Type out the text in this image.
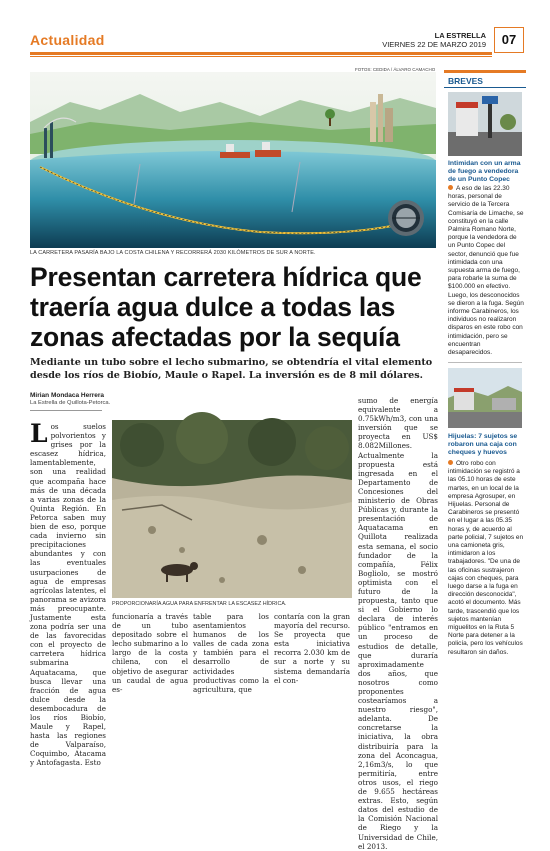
Actualidad	LA ESTRELLA
VIERNES 22 DE MARZO 2019	07
FOTOS: CEDIDA / ÁLVARO CAMACHO
LA CARRETERA PASARÍA BAJO LA COSTA CHILENA Y RECORRERÁ 2030 KILÓMETROS DE SUR A NORTE.
Presentan carretera hídrica que traería agua dulce a todas las zonas afectadas por la sequía

Mediante un tubo sobre el lecho submarino, se obtendría el vital elemento desde los ríos de Biobío, Maule o Rapel. La inversión es de 8 mil dólares.

Mirian Mondaca Herrera
La Estrella de Quillota-Petorca.
Los suelos polvorientos y grises por la escasez hídrica, lamentablemente, son una realidad que acompaña hace más de una década a varias zonas de la Quinta Región. En Petorca saben muy bien de eso, porque cada invierno sin precipitaciones abundantes y con las eventuales usurpaciones de agua de empresas agrícolas latentes, el panorama se avizora más preocupante. Justamente esta zona podría ser una de las favorecidas con el proyecto de carretera hídrica submarina Aquatacama, que busca llevar una fracción de agua dulce desde la desembocadura de los ríos Biobío, Maule y Rapel, hasta las regiones de Valparaíso, Coquimbo, Atacama y Antofagasta. Esto
PROPORCIONARÍA AGUA PARA ENFRENTAR LA ESCASEZ HÍDRICA.
funcionaría a través de un tubo depositado sobre el lecho submarino a lo largo de la costa chilena, con el objetivo de asegurar un caudal de agua es-
table para los asentamientos humanos de los valles de cada zona y también para el desarrollo de actividades productivas como la agricultura, que
contaría con la gran mayoría del recurso. Se proyecta que esta iniciativa recorra 2.030 km de sur a norte y su sistema demandaría el con-
sumo de energía equivalente a 0.75kWh/m3, con una inversión que se proyecta en US$ 8.082Millones. Actualmente la propuesta está ingresada en el Departamento de Concesiones del ministerio de Obras Públicas y, durante la presentación de Aquatacama en Quillota realizada esta semana, el socio fundador de la compañía, Félix Bogliolo, se mostró optimista con el futuro de la propuesta, tanto que si el Gobierno lo declara de interés público "entramos en un proceso de estudios de detalle, que duraría aproximadamente dos años, que nosotros como proponentes costearíamos a nuestro riesgo", adelanta. De concretarse la iniciativa, la obra distribuiría para la zona del Aconcagua, 2,16m3/s, lo que permitiría, entre otros usos, el riego de 9.655 hectáreas extras. Esto, según datos del estudio de la Comisión Nacional de Riego y la Universidad de Chile, el 2013.
BREVES
Intimidan con un arma de fuego a vendedora de un Punto Copec
A eso de las 22.30 horas, personal de servicio de la Tercera Comisaría de Limache, se constituyó en la calle Palmira Romano Norte, porque la vendedora de un Punto Copec del sector, denunció que fue intimidada con una supuesta arma de fuego, para robarle la suma de $100.000 en efectivo. Luego, los desconocidos se dieron a la fuga. Según informe Carabineros, los individuos no realizaron disparos en este robo con intimidación, pero se encuentran desaparecidos.
Hijuelas: 7 sujetos se robaron una caja con cheques y huevos
Otro robo con intimidación se registró a las 05.10 horas de este martes, en un local de la empresa Agrosuper, en Hijuelas. Personal de Carabineros se presentó en el lugar a las 05.35 horas y, de acuerdo al parte policial, 7 sujetos en una camioneta gris, intimidaron a los trabajadores. "De una de las oficinas sustrajeron cajas con cheques, para luego darse a la fuga en dirección desconocida", acotó el documento. Más tarde, trascendió que los sujetos mantenían miguelitos en la Ruta 5 Norte para detener a la policía, pero los vehículos resultaron sin daños.
